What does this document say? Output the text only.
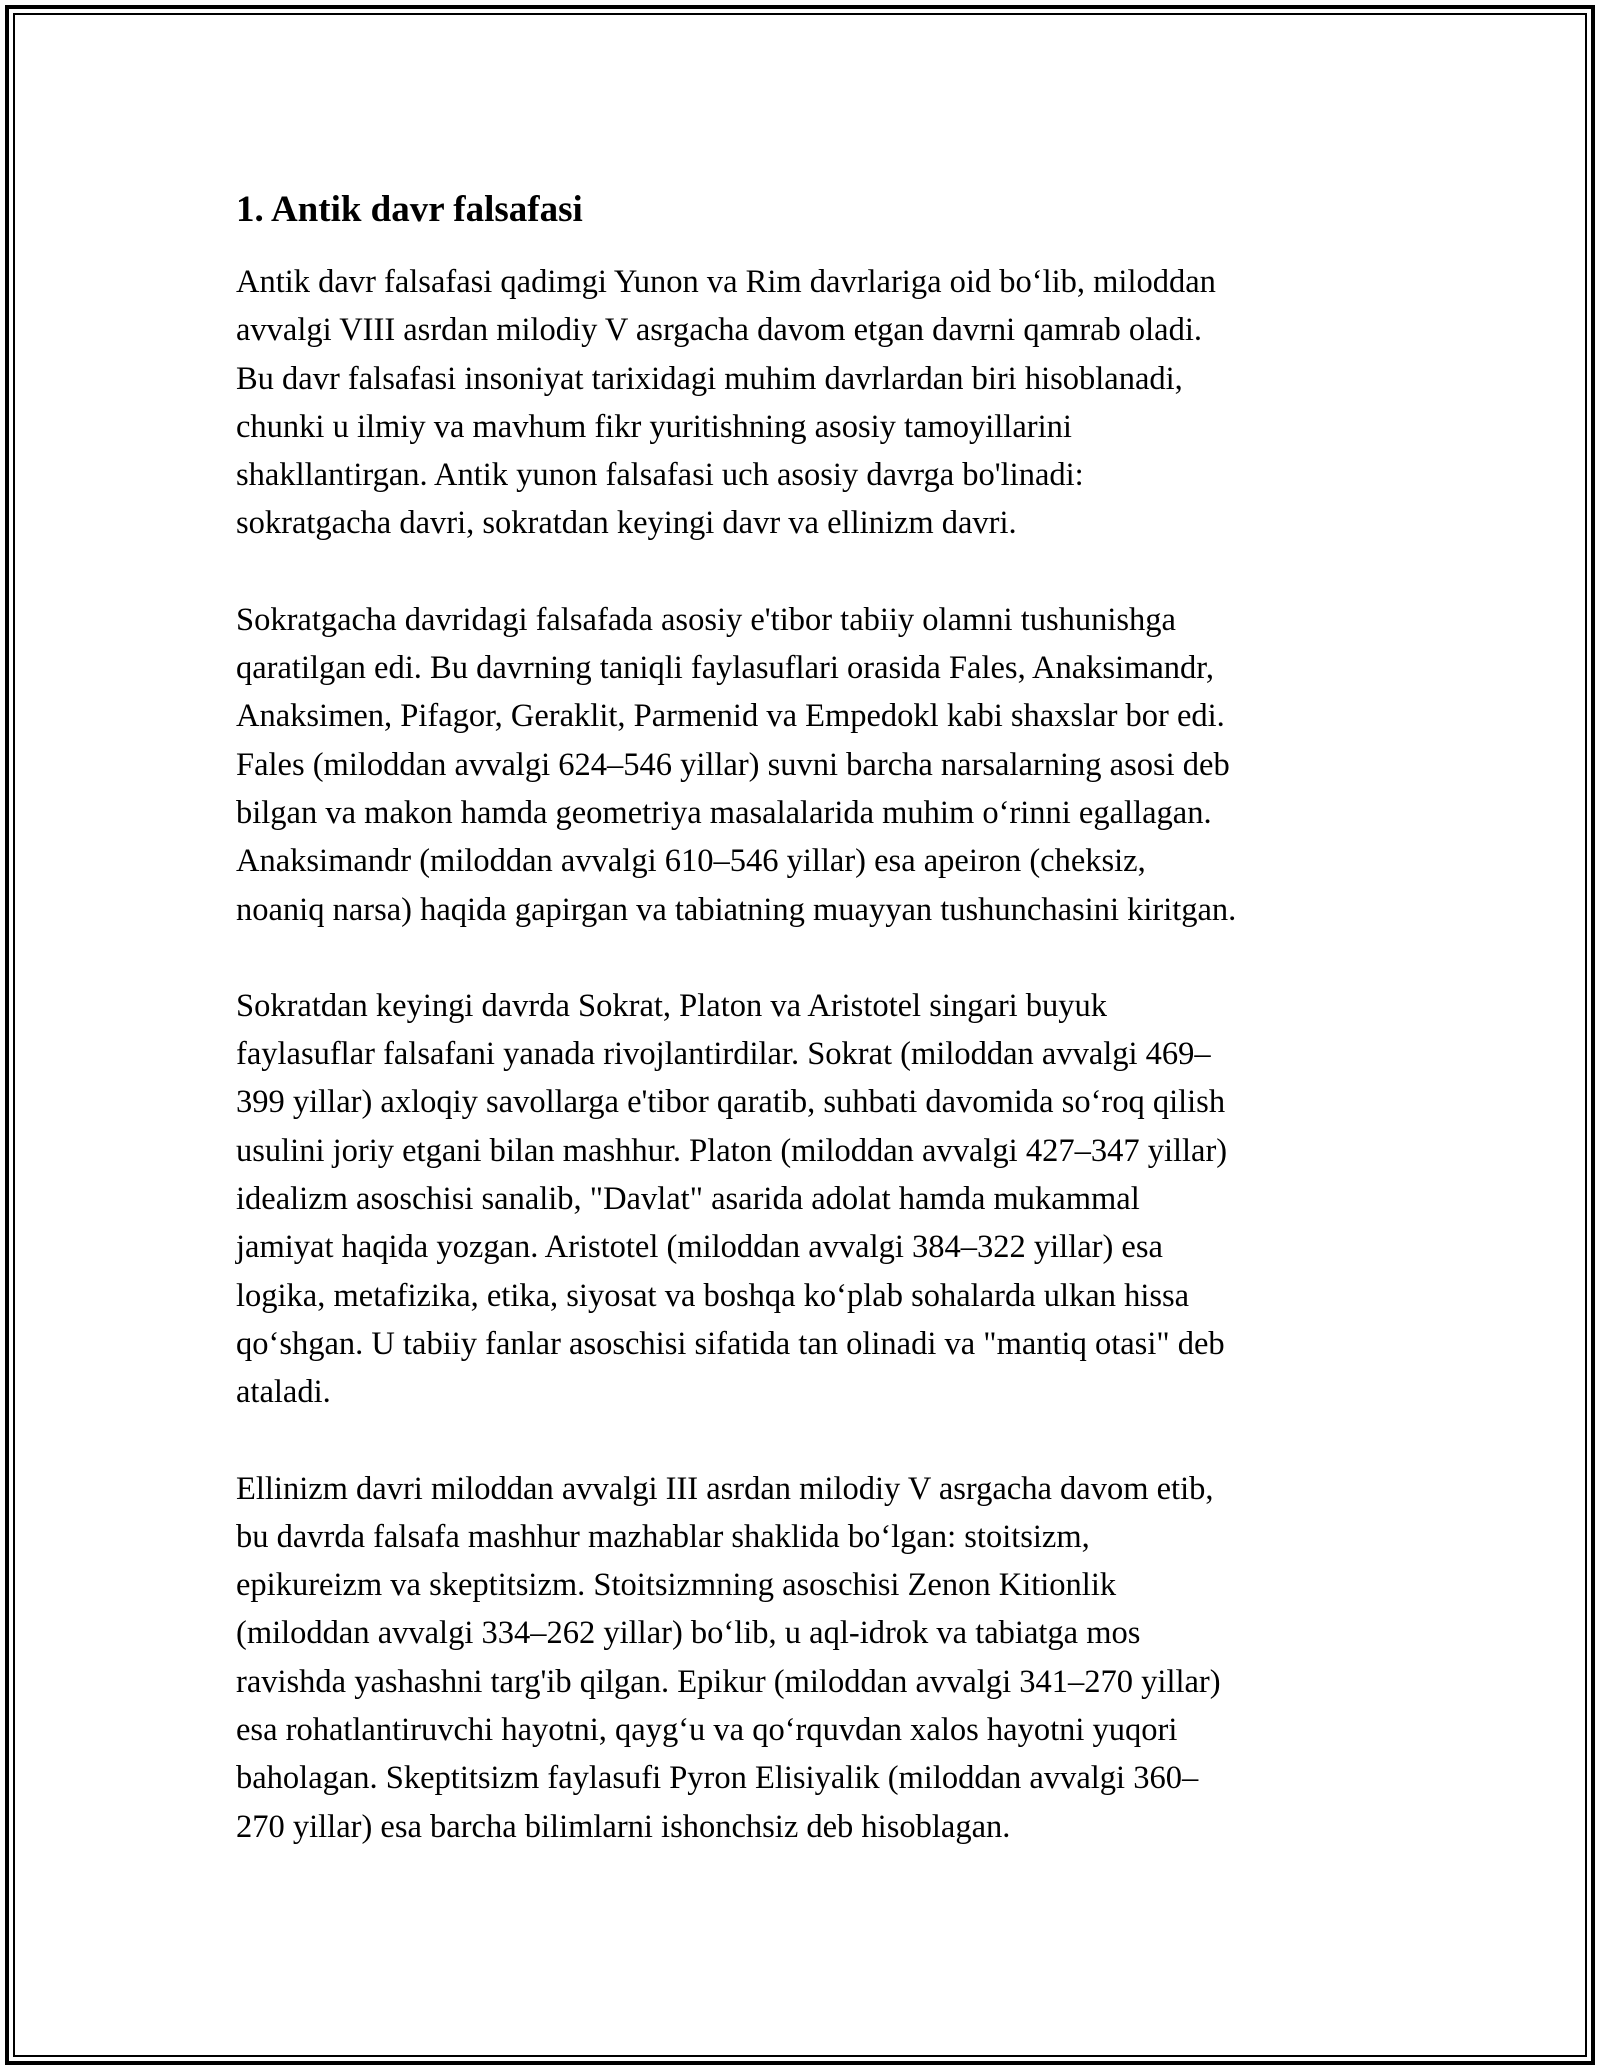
1. Antik davr falsafasi

Antik davr falsafasi qadimgi Yunon va Rim davrlariga oid bo‘lib, miloddan
avvalgi VIII asrdan milodiy V asrgacha davom etgan davrni qamrab oladi.
Bu davr falsafasi insoniyat tarixidagi muhim davrlardan biri hisoblanadi,
chunki u ilmiy va mavhum fikr yuritishning asosiy tamoyillarini
shakllantirgan. Antik yunon falsafasi uch asosiy davrga bo'linadi:
sokratgacha davri, sokratdan keyingi davr va ellinizm davri.

Sokratgacha davridagi falsafada asosiy e'tibor tabiiy olamni tushunishga
qaratilgan edi. Bu davrning taniqli faylasuflari orasida Fales, Anaksimandr,
Anaksimen, Pifagor, Geraklit, Parmenid va Empedokl kabi shaxslar bor edi.
Fales (miloddan avvalgi 624–546 yillar) suvni barcha narsalarning asosi deb
bilgan va makon hamda geometriya masalalarida muhim o‘rinni egallagan.
Anaksimandr (miloddan avvalgi 610–546 yillar) esa apeiron (cheksiz,
noaniq narsa) haqida gapirgan va tabiatning muayyan tushunchasini kiritgan.

Sokratdan keyingi davrda Sokrat, Platon va Aristotel singari buyuk
faylasuflar falsafani yanada rivojlantirdilar. Sokrat (miloddan avvalgi 469–
399 yillar) axloqiy savollarga e'tibor qaratib, suhbati davomida so‘roq qilish
usulini joriy etgani bilan mashhur. Platon (miloddan avvalgi 427–347 yillar)
idealizm asoschisi sanalib, "Davlat" asarida adolat hamda mukammal
jamiyat haqida yozgan. Aristotel (miloddan avvalgi 384–322 yillar) esa
logika, metafizika, etika, siyosat va boshqa ko‘plab sohalarda ulkan hissa
qo‘shgan. U tabiiy fanlar asoschisi sifatida tan olinadi va "mantiq otasi" deb
ataladi.

Ellinizm davri miloddan avvalgi III asrdan milodiy V asrgacha davom etib,
bu davrda falsafa mashhur mazhablar shaklida bo‘lgan: stoitsizm,
epikureizm va skeptitsizm. Stoitsizmning asoschisi Zenon Kitionlik
(miloddan avvalgi 334–262 yillar) bo‘lib, u aql-idrok va tabiatga mos
ravishda yashashni targ'ib qilgan. Epikur (miloddan avvalgi 341–270 yillar)
esa rohatlantiruvchi hayotni, qayg‘u va qo‘rquvdan xalos hayotni yuqori
baholagan. Skeptitsizm faylasufi Pyron Elisiyalik (miloddan avvalgi 360–
270 yillar) esa barcha bilimlarni ishonchsiz deb hisoblagan.
